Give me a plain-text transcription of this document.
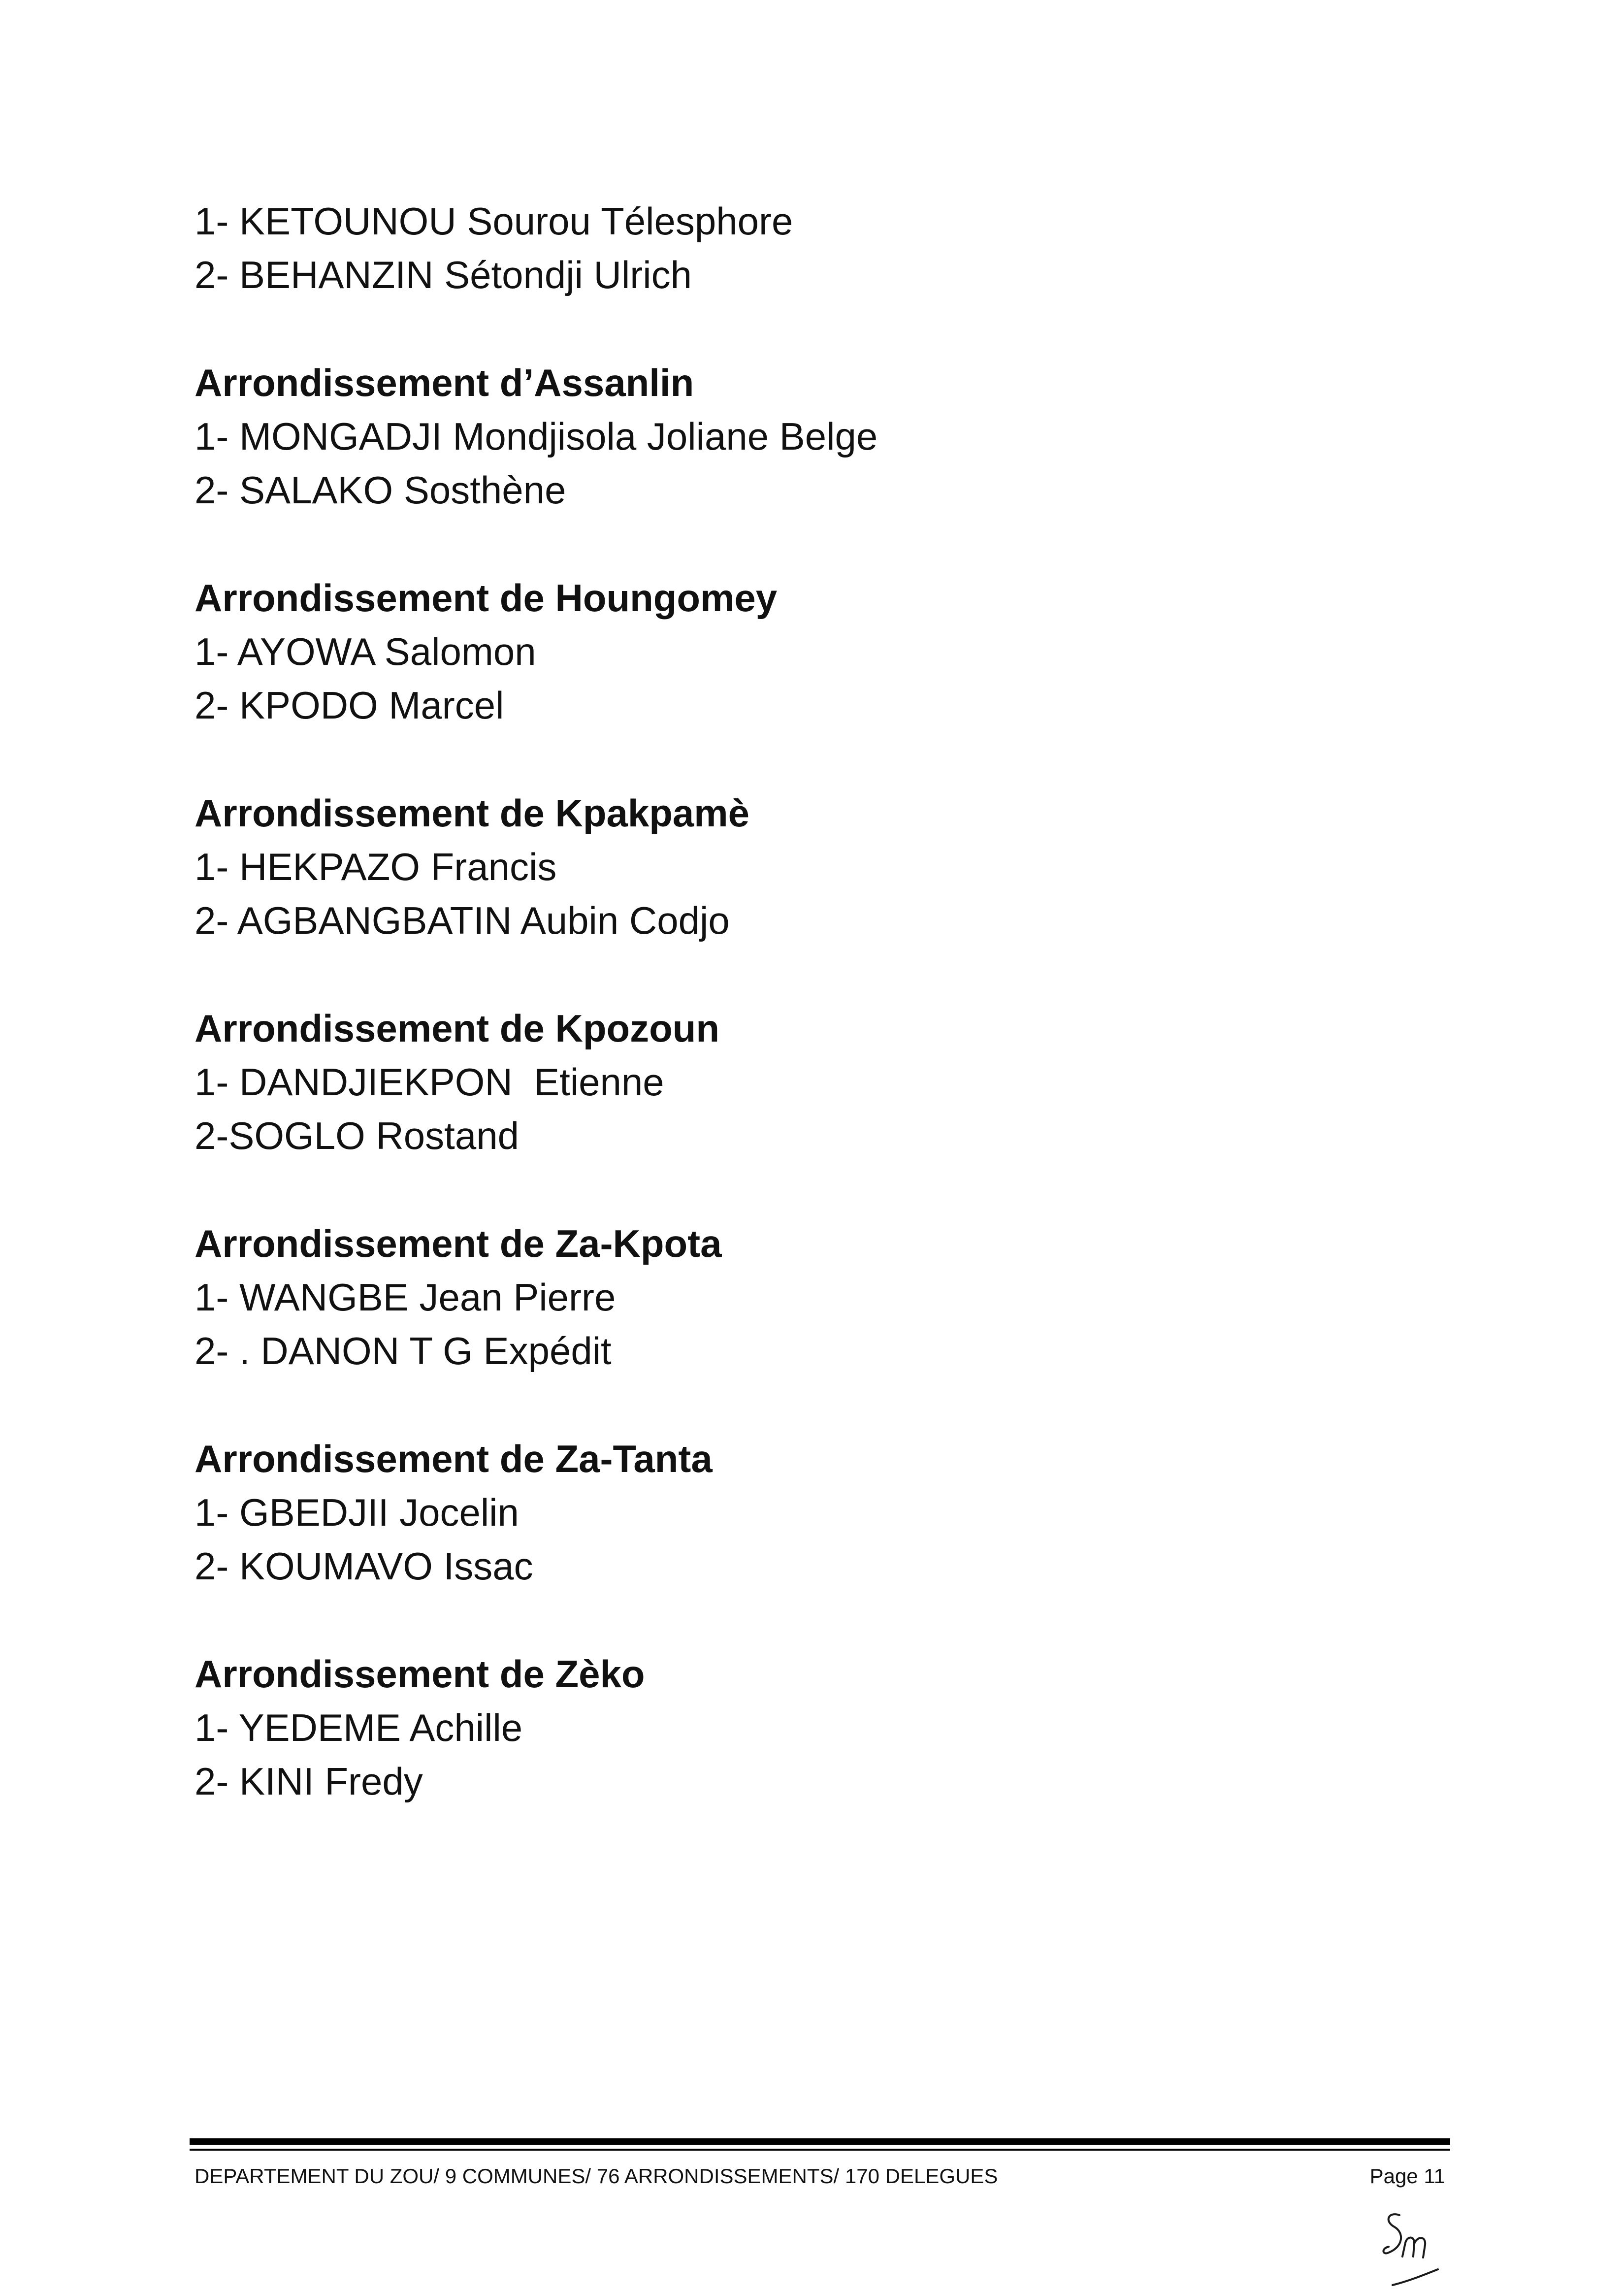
1- KETOUNOU Sourou Télesphore
2- BEHANZIN Sétondji Ulrich
Arrondissement d’Assanlin
1- MONGADJI Mondjisola Joliane Belge
2- SALAKO Sosthène
Arrondissement de Houngomey
1- AYOWA Salomon
2- KPODO Marcel
Arrondissement de Kpakpamè
1- HEKPAZO Francis
2- AGBANGBATIN Aubin Codjo
Arrondissement de Kpozoun
1- DANDJIEKPON  Etienne
2-SOGLO Rostand
Arrondissement de Za-Kpota
1- WANGBE Jean Pierre
2- . DANON T G Expédit
Arrondissement de Za-Tanta
1- GBEDJII Jocelin
2- KOUMAVO Issac
Arrondissement de Zèko
1- YEDEME Achille
2- KINI Fredy
DEPARTEMENT DU ZOU/ 9 COMMUNES/ 76 ARRONDISSEMENTS/ 170 DELEGUES	Page 11
